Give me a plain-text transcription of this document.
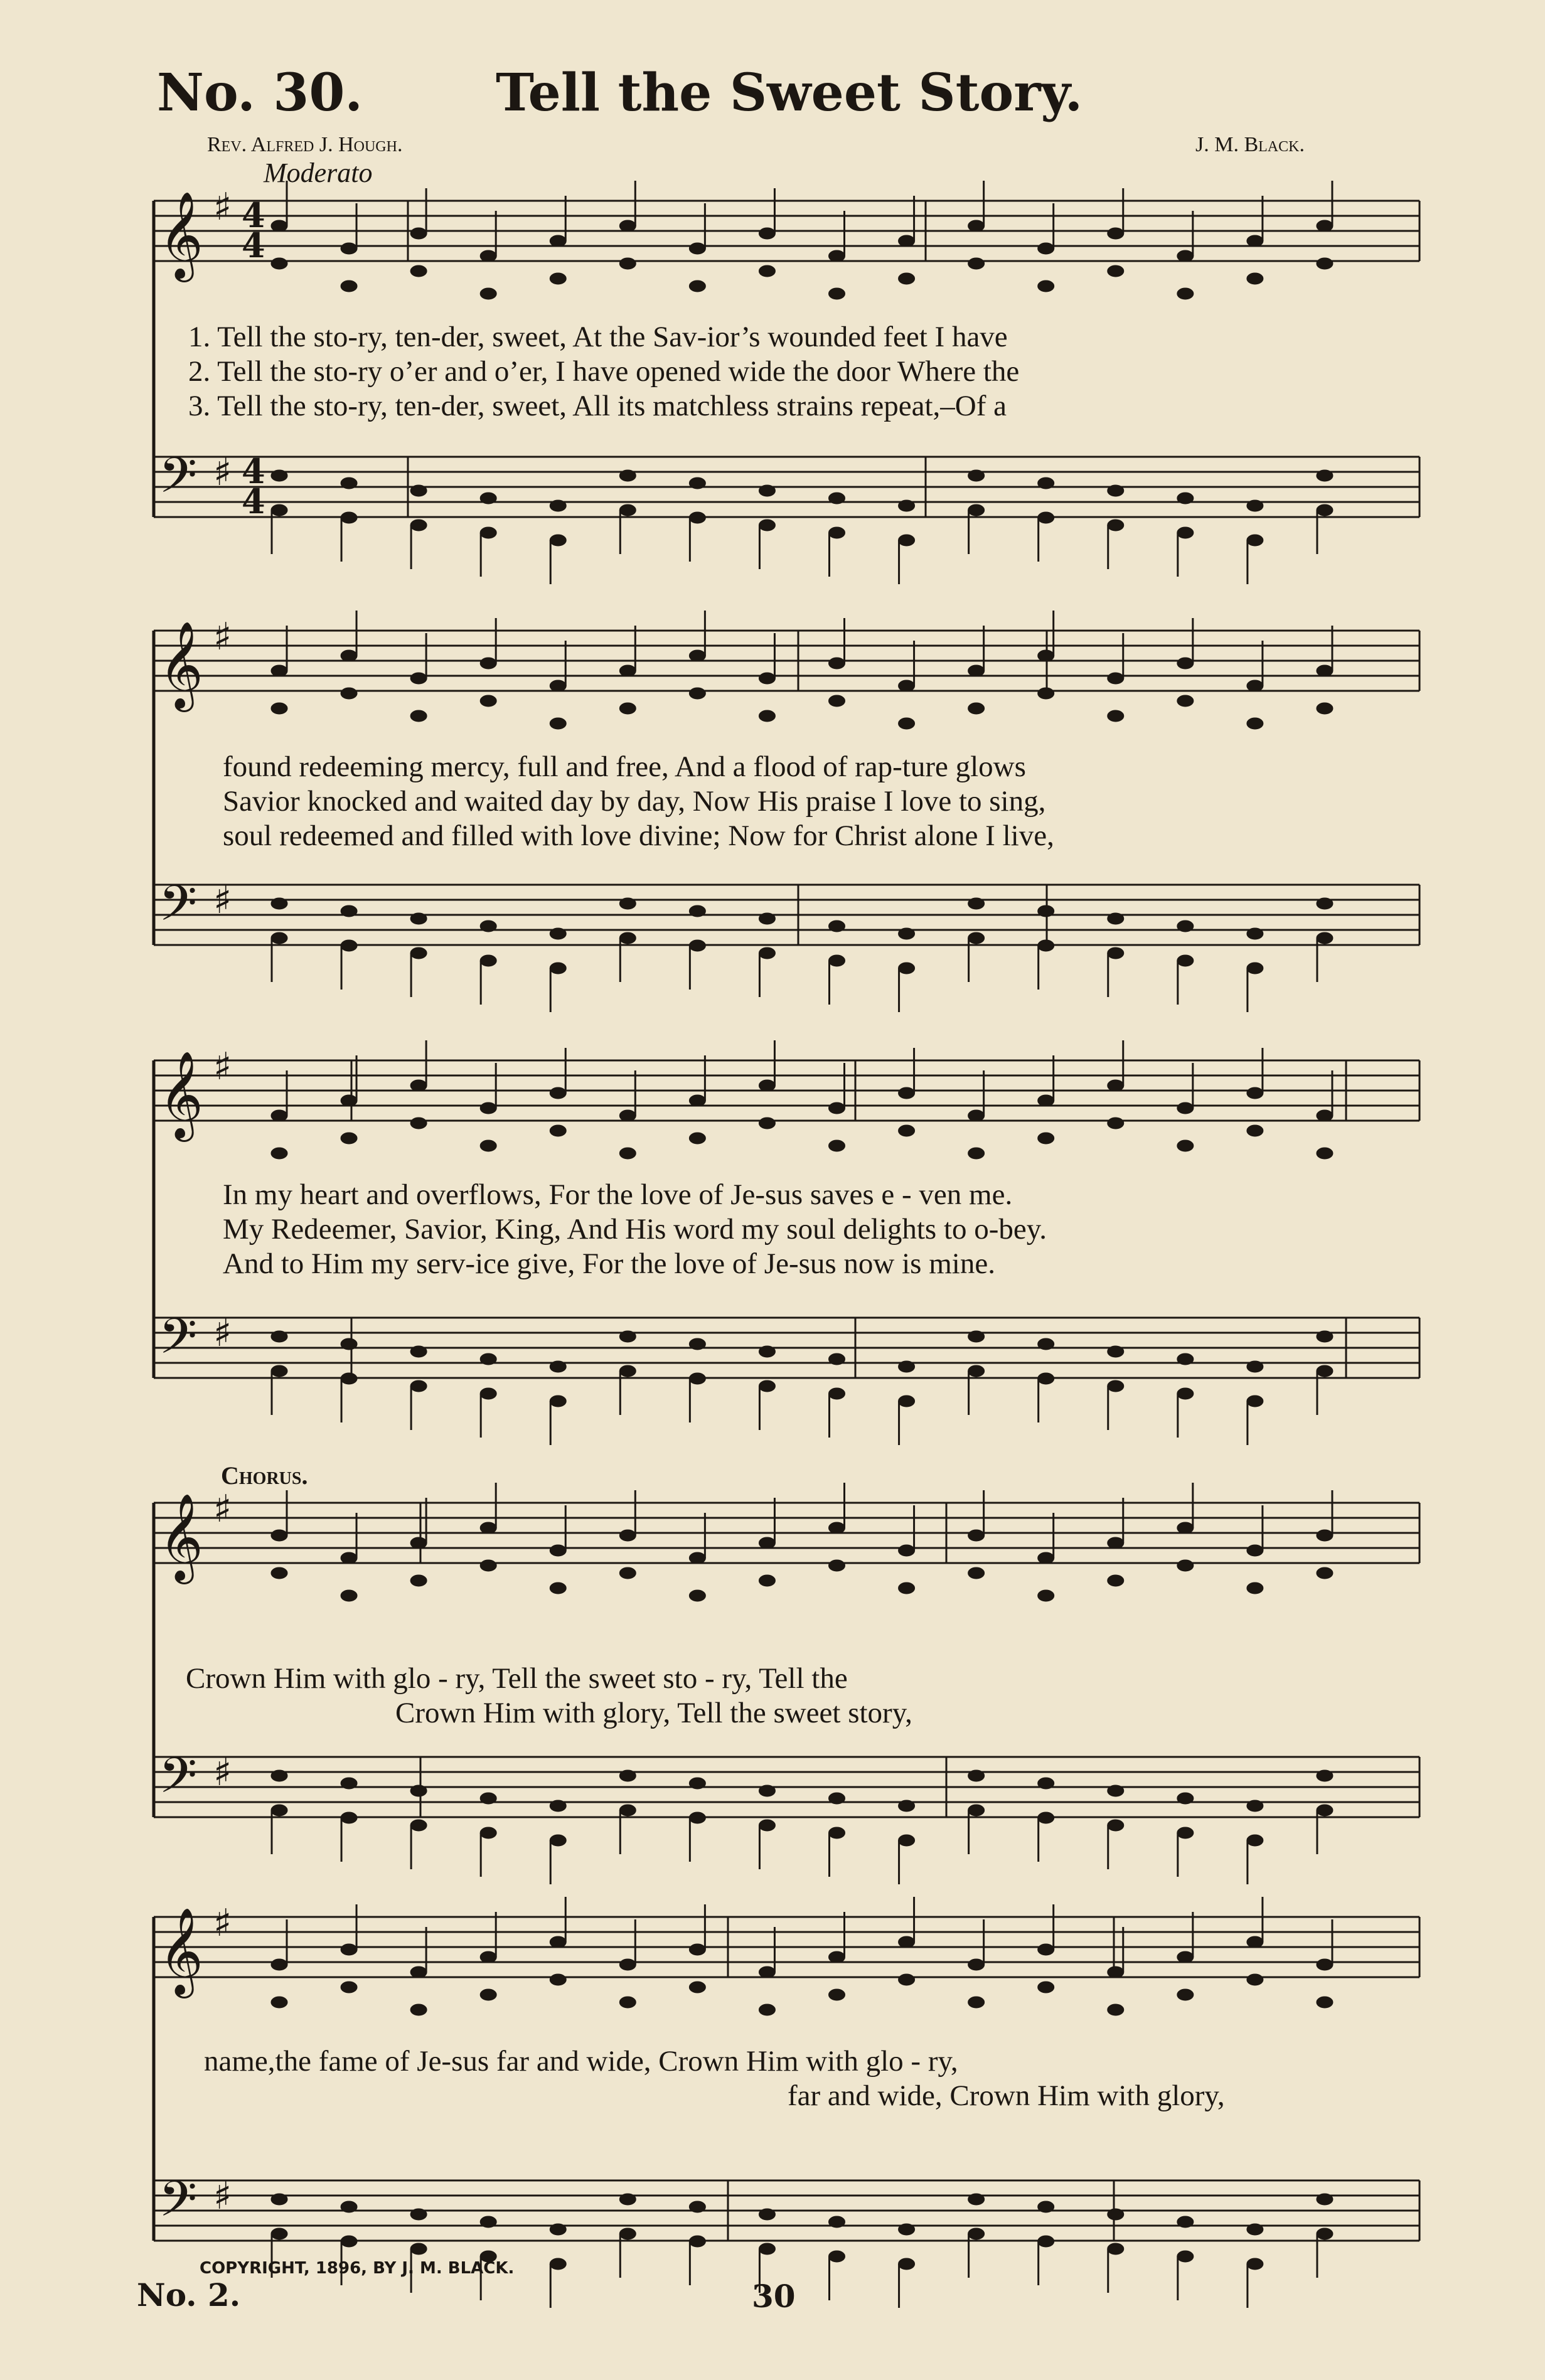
No. 30.	Tell the Sweet Story.
Rev. Alfred J. Hough.	J. M. Black.
Moderato
𝄞 ♯
𝄢 ♯
4
4
4
4
𝄞 ♯
𝄢 ♯
𝄞 ♯
𝄢 ♯
𝄞 ♯
𝄢 ♯
𝄞 ♯
𝄢 ♯
1. Tell the sto-ry, ten-der, sweet, At the Sav-ior’s wounded feet I have
2. Tell the sto-ry o’er and o’er, I have opened wide the door Where the
3. Tell the sto-ry, ten-der, sweet, All its matchless strains repeat,–Of a
found redeeming mercy, full and free, And a flood of rap-ture glows
Savior knocked and waited day by day, Now His praise I love to sing,
soul redeemed and filled with love divine; Now for Christ alone I live,
In my heart and overflows, For the love of Je-sus saves e - ven me.
My Redeemer, Savior, King, And His word my soul delights to o-bey.
And to Him my serv-ice give, For the love of Je-sus now is mine.
Chorus.
Crown Him with glo - ry, Tell the sweet sto - ry, Tell the
Crown Him with glory, Tell the sweet story,
name,the fame of Je-sus far and wide, Crown Him with glo - ry,
far and wide, Crown Him with glory,
COPYRIGHT, 1896, BY J. M. BLACK.
No. 2.	30
